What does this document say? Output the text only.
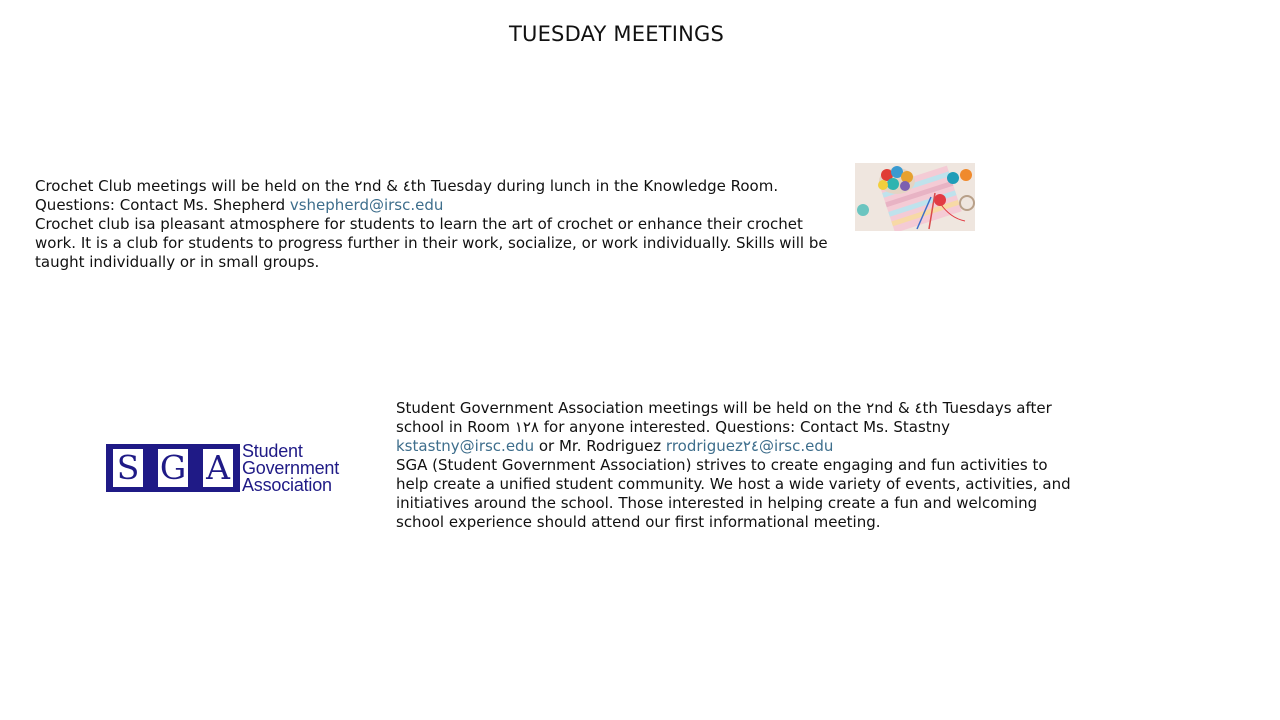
TUESDAY MEETINGS

Crochet Club meetings will be held on the ٢nd & ٤th Tuesday during lunch in the Knowledge Room.

Questions: Contact Ms. Shepherd vshepherd@irsc.edu

Crochet club isa pleasant atmosphere for students to learn the art of crochet or enhance their crochet work. It is a club for students to progress further in their work, socialize, or work individually. Skills will be taught individually or in small groups.

S G A Student
Government
Association

Student Government Association meetings will be held on the ٢nd & ٤th Tuesdays after school in Room ١٢٨ for anyone interested. Questions: Contact Ms. Stastny kstastny@irsc.edu or Mr. Rodriguez rrodriguez٢٤@irsc.edu

SGA (Student Government Association) strives to create engaging and fun activities to help create a unified student community. We host a wide variety of events, activities, and initiatives around the school. Those interested in helping create a fun and welcoming school experience should attend our first informational meeting.
